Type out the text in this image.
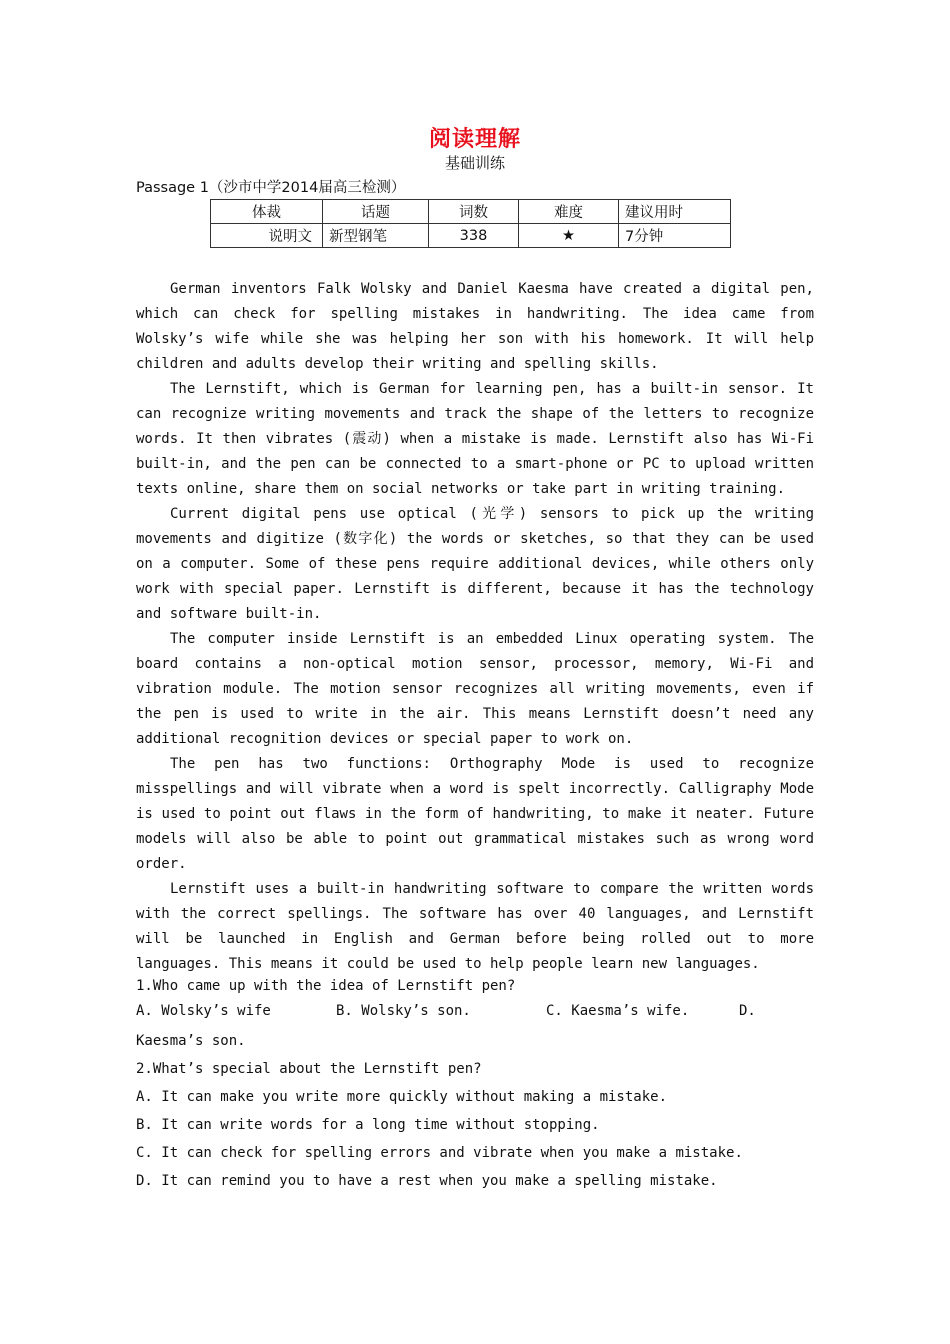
阅读理解
基础训练
Passage 1（沙市中学2014届高三检测）
体裁	话题	词数	难度	建议用时
说明文	新型钢笔	338	★	7分钟

German inventors Falk Wolsky and Daniel Kaesma have created a digital pen, which can check for spelling mistakes in handwriting. The idea came from Wolsky’s wife while she was helping her son with his homework. It will help children and adults develop their writing and spelling skills.

The Lernstift, which is German for learning pen, has a built-in sensor. It can recognize writing movements and track the shape of the letters to recognize words. It then vibrates (震动) when a mistake is made. Lernstift also has Wi-Fi built-in, and the pen can be connected to a smart-phone or PC to upload written texts online, share them on social networks or take part in writing training.

Current digital pens use optical (光学) sensors to pick up the writing movements and digitize (数字化) the words or sketches, so that they can be used on a computer. Some of these pens require additional devices, while others only work with special paper. Lernstift is different, because it has the technology and software built-in.

The computer inside Lernstift is an embedded Linux operating system. The board contains a non-optical motion sensor, processor, memory, Wi-Fi and vibration module. The motion sensor recognizes all writing movements, even if the pen is used to write in the air. This means Lernstift doesn’t need any additional recognition devices or special paper to work on.

The pen has two functions: Orthography Mode is used to recognize misspellings and will vibrate when a word is spelt incorrectly. Calligraphy Mode is used to point out flaws in the form of handwriting, to make it neater. Future models will also be able to point out grammatical mistakes such as wrong word order.

Lernstift uses a built-in handwriting software to compare the written words with the correct spellings. The software has over 40 languages, and Lernstift will be launched in English and German before being rolled out to more languages. This means it could be used to help people learn new languages.

1.Who came up with the idea of Lernstift pen?
A. Wolsky’s wife	B. Wolsky’s son.	C. Kaesma’s wife.	D.
Kaesma’s son.
2.What’s special about the Lernstift pen?
A. It can make you write more quickly without making a mistake.
B. It can write words for a long time without stopping.
C. It can check for spelling errors and vibrate when you make a mistake.
D. It can remind you to have a rest when you make a spelling mistake.
